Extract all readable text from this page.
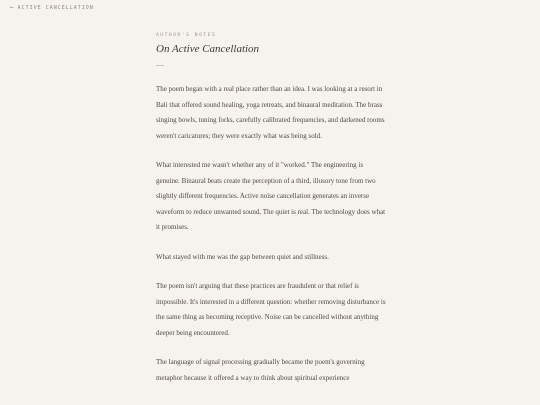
← ACTIVE CANCELLATION
AUTHOR'S NOTES
On Active Cancellation

The poem began with a real place rather than an idea. I was looking at a resort in Bali that offered sound healing, yoga retreats, and binaural meditation. The brass singing bowls, tuning forks, carefully calibrated frequencies, and darkened rooms weren't caricatures; they were exactly what was being sold.

What interested me wasn't whether any of it "worked." The engineering is genuine. Binaural beats create the perception of a third, illusory tone from two slightly different frequencies. Active noise cancellation generates an inverse waveform to reduce unwanted sound. The quiet is real. The technology does what it promises.

What stayed with me was the gap between quiet and stillness.

The poem isn't arguing that these practices are fraudulent or that relief is impossible. It's interested in a different question: whether removing disturbance is the same thing as becoming receptive. Noise can be cancelled without anything deeper being encountered.

The language of signal processing gradually became the poem's governing metaphor because it offered a way to think about spiritual experience
